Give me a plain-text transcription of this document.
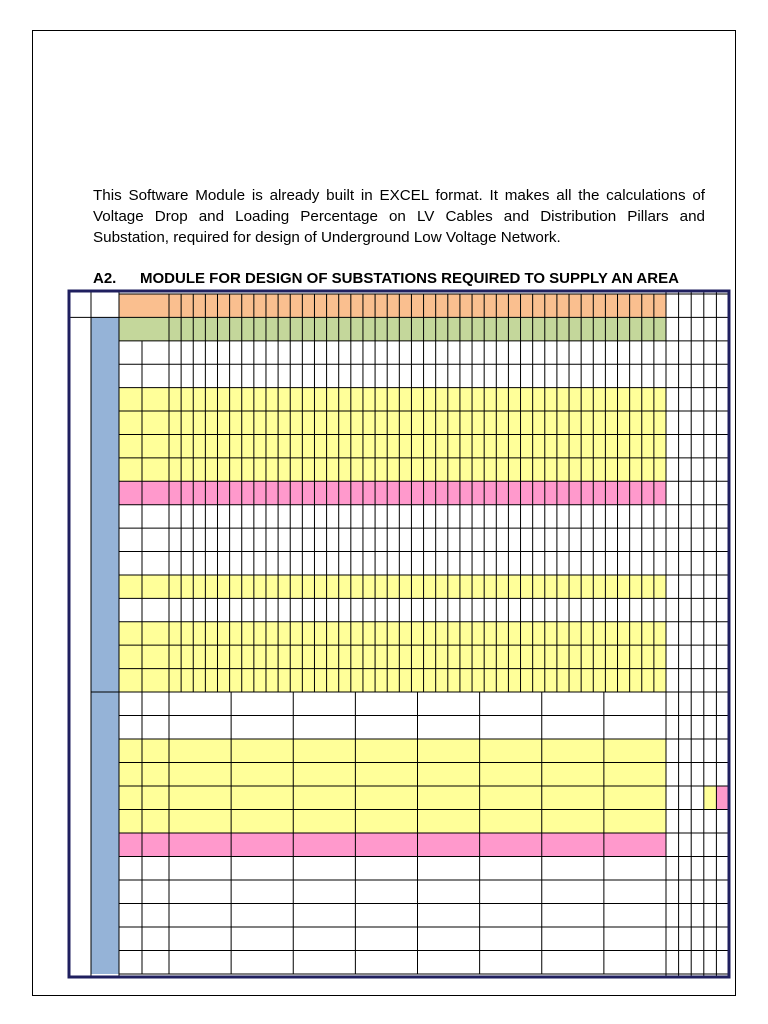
This Software Module is already built in EXCEL format. It makes all the calculations of Voltage Drop and Loading Percentage on LV Cables and Distribution Pillars and Substation, required for design of Underground Low Voltage Network.

A2. MODULE FOR DESIGN OF SUBSTATIONS REQUIRED TO SUPPLY AN AREA
